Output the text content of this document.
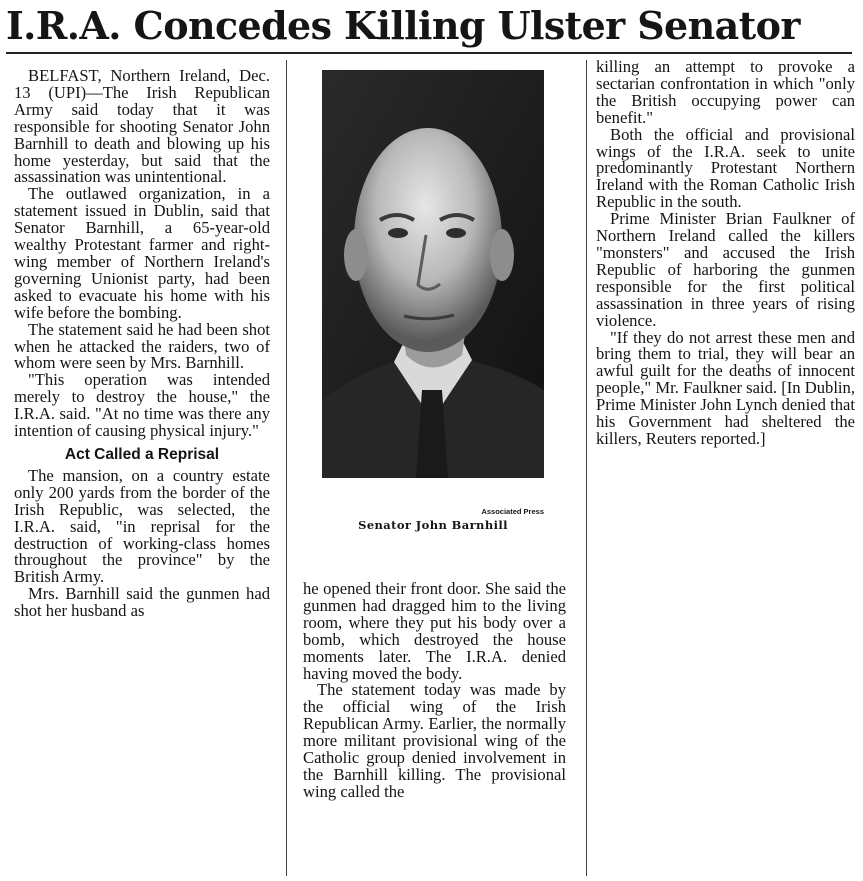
I.R.A. Concedes Killing Ulster Senator

BELFAST, Northern Ireland, Dec. 13 (UPI)—The Irish Republican Army said today that it was responsible for shooting Senator John Barnhill to death and blowing up his home yesterday, but said that the assassination was unintentional.

The outlawed organization, in a statement issued in Dublin, said that Senator Barnhill, a 65-year-old wealthy Protestant farmer and right-wing member of Northern Ireland's governing Unionist party, had been asked to evacuate his home with his wife before the bombing.

The statement said he had been shot when he attacked the raiders, two of whom were seen by Mrs. Barnhill.

"This operation was intended merely to destroy the house," the I.R.A. said. "At no time was there any intention of causing physical injury."

Act Called a Reprisal

The mansion, on a country estate only 200 yards from the border of the Irish Republic, was selected, the I.R.A. said, "in reprisal for the destruction of working-class homes throughout the province" by the British Army.

Mrs. Barnhill said the gunmen had shot her husband as

Associated Press
Senator John Barnhill

he opened their front door. She said the gunmen had dragged him to the living room, where they put his body over a bomb, which destroyed the house moments later. The I.R.A. denied having moved the body.

The statement today was made by the official wing of the Irish Republican Army. Earlier, the normally more militant provisional wing of the Catholic group denied involvement in the Barnhill killing. The provisional wing called the

killing an attempt to provoke a sectarian confrontation in which "only the British occupying power can benefit."

Both the official and provisional wings of the I.R.A. seek to unite predominantly Protestant Northern Ireland with the Roman Catholic Irish Republic in the south.

Prime Minister Brian Faulkner of Northern Ireland called the killers "monsters" and accused the Irish Republic of harboring the gunmen responsible for the first political assassination in three years of rising violence.

"If they do not arrest these men and bring them to trial, they will bear an awful guilt for the deaths of innocent people," Mr. Faulkner said. [In Dublin, Prime Minister John Lynch denied that his Government had sheltered the killers, Reuters reported.]
